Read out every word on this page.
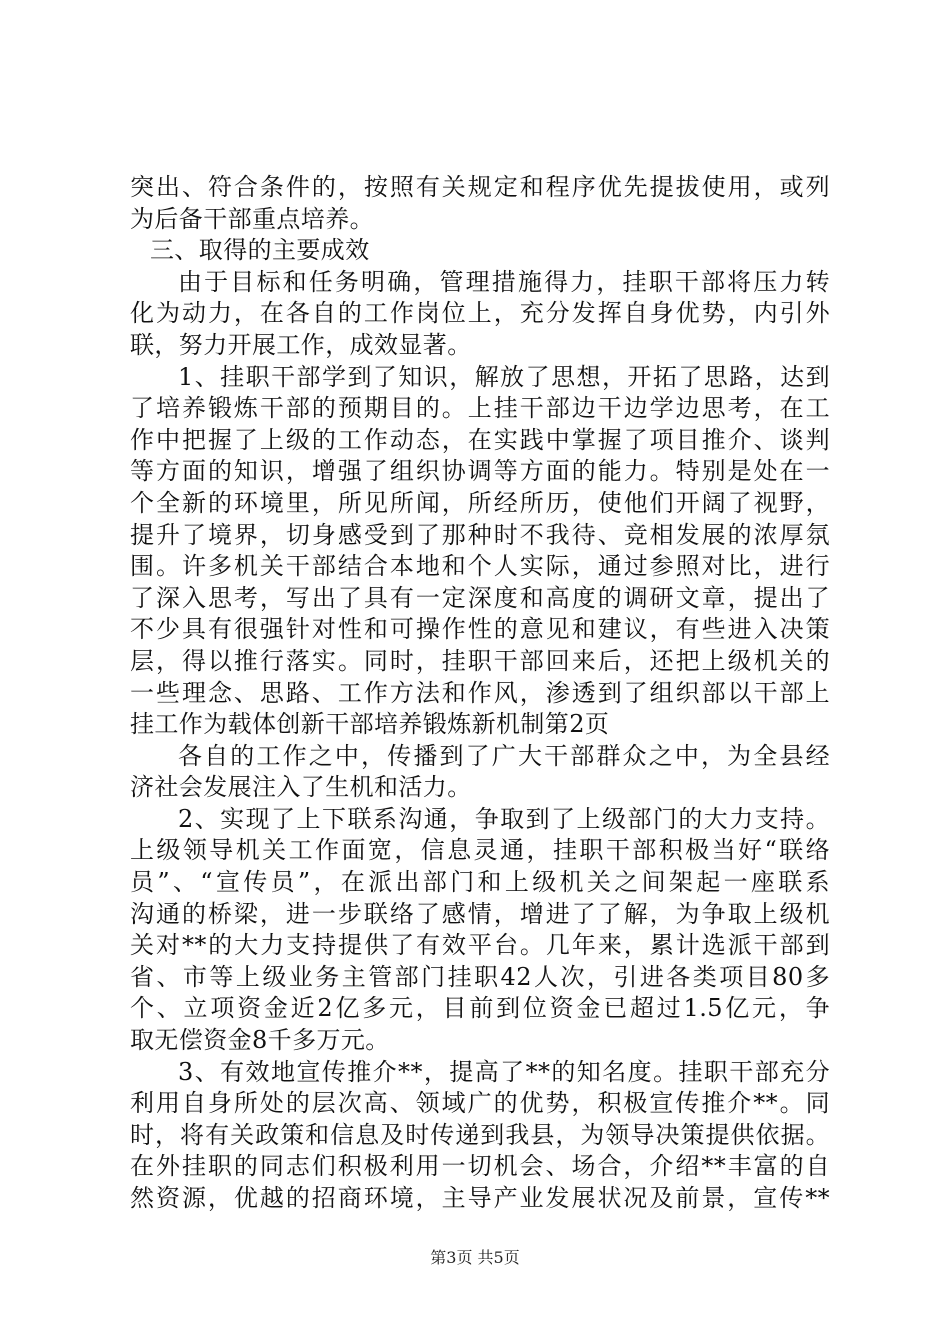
突出、符合条件的，按照有关规定和程序优先提拔使用，或列
为后备干部重点培养。
三、取得的主要成效
由于目标和任务明确，管理措施得力，挂职干部将压力转
化为动力，在各自的工作岗位上，充分发挥自身优势，内引外
联，努力开展工作，成效显著。
1、挂职干部学到了知识，解放了思想，开拓了思路，达到
了培养锻炼干部的预期目的。上挂干部边干边学边思考，在工
作中把握了上级的工作动态，在实践中掌握了项目推介、谈判
等方面的知识，增强了组织协调等方面的能力。特别是处在一
个全新的环境里，所见所闻，所经所历，使他们开阔了视野，
提升了境界，切身感受到了那种时不我待、竞相发展的浓厚氛
围。许多机关干部结合本地和个人实际，通过参照对比，进行
了深入思考，写出了具有一定深度和高度的调研文章，提出了
不少具有很强针对性和可操作性的意见和建议，有些进入决策
层，得以推行落实。同时，挂职干部回来后，还把上级机关的
一些理念、思路、工作方法和作风，渗透到了组织部以干部上
挂工作为载体创新干部培养锻炼新机制第2页
各自的工作之中，传播到了广大干部群众之中，为全县经
济社会发展注入了生机和活力。
2、实现了上下联系沟通，争取到了上级部门的大力支持。
上级领导机关工作面宽，信息灵通，挂职干部积极当好“联络
员”、“宣传员”，在派出部门和上级机关之间架起一座联系
沟通的桥梁，进一步联络了感情，增进了了解，为争取上级机
关对**的大力支持提供了有效平台。几年来，累计选派干部到
省、市等上级业务主管部门挂职42人次，引进各类项目80多
个、立项资金近2亿多元，目前到位资金已超过1.5亿元，争
取无偿资金8千多万元。
3、有效地宣传推介**，提高了**的知名度。挂职干部充分
利用自身所处的层次高、领域广的优势，积极宣传推介**。同
时，将有关政策和信息及时传递到我县，为领导决策提供依据。
在外挂职的同志们积极利用一切机会、场合，介绍**丰富的自
然资源，优越的招商环境，主导产业发展状况及前景，宣传**
第3页 共5页
